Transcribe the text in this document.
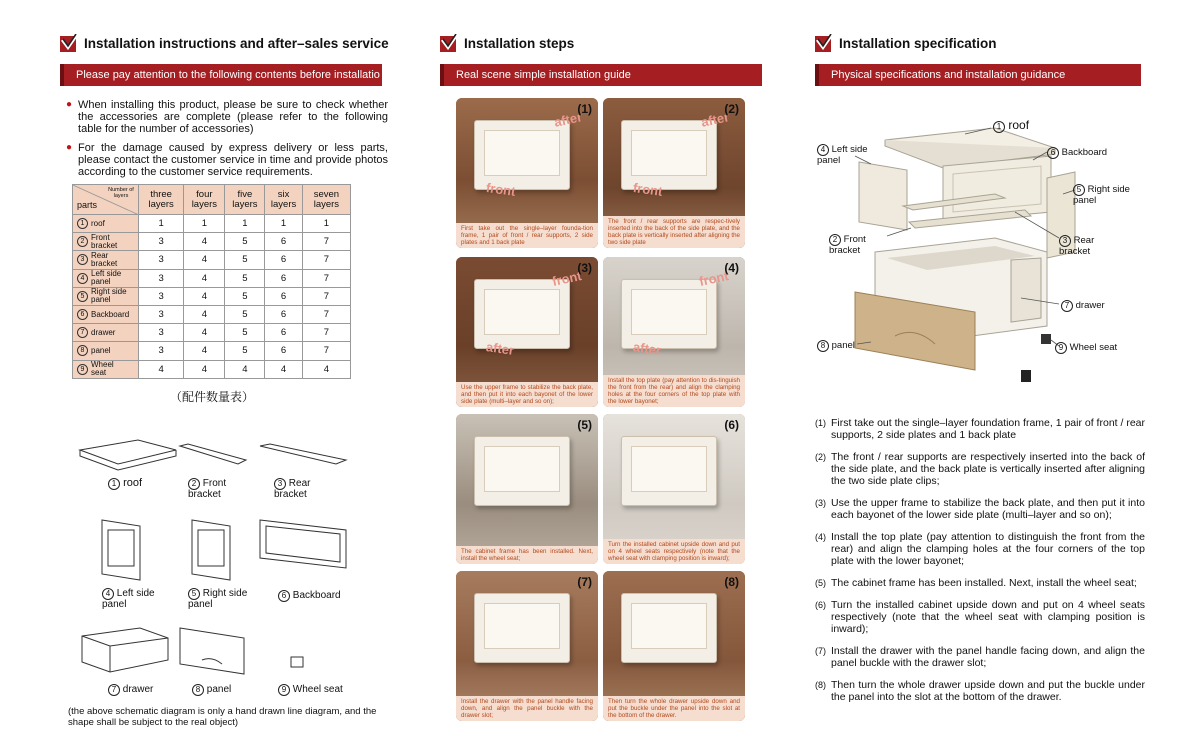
Installation instructions and after–sales service
Please pay attention to the following contents before installatio
● When installing this product, please be sure to check whether the accessories are complete (please refer to the following table for the number of accessories)
● For the damage caused by express delivery or less parts, please contact the customer service in time and provide photos according to the customer service requirements.
Number of layers
parts	three layers	four layers	five layers	six layers	seven layers
1 roof	1	1	1	1	1
2 Front bracket	3	4	5	6	7
3 Rear bracket	3	4	5	6	7
4 Left side panel	3	4	5	6	7
5 Right side panel	3	4	5	6	7
6 Backboard	3	4	5	6	7
7 drawer	3	4	5	6	7
8 panel	3	4	5	6	7
9 Wheel seat	4	4	4	4	4
（配件数量表）
1 roof	2 Front bracket
3 Rear bracket
4 Left side panel
5 Right side panel
6 Backboard
7 drawer	8 panel	9 Wheel seat
(the above schematic diagram is only a hand drawn line diagram, and the shape shall be subject to the real object)
Installation steps
Real scene simple installation guide
after
front
(1)
First take out the single–layer founda-tion frame, 1 pair of front / rear supports, 2 side plates and 1 back plate
after
front
(2)
The front / rear supports are respec-tively inserted into the back of the side plate, and the back plate is vertically inserted after aligning the two side plate
front
after
(3)
Use the upper frame to stabilize the back plate, and then put it into each bayonet of the lower side plate (multi–layer and so on);
front
after
(4)
Install the top plate (pay attention to dis-tinguish the front from the rear) and align the clamping holes at the four corners of the top plate with the lower bayonet;
(5)
The cabinet frame has been installed. Next, install the wheel seat;
(6)
Turn the installed cabinet upside down and put on 4 wheel seats respectively (note that the wheel seat with clamping position is inward);
(7)
Install the drawer with the panel handle facing down, and align the panel buckle with the drawer slot;
(8)
Then turn the whole drawer upside down and put the buckle under the panel into the slot at the bottom of the drawer.
Installation specification
Physical specifications and installation guidance
1 roof
4 Left side panel
6 Backboard
5 Right side panel
2 Front bracket
3 Rear bracket
7 drawer
8 panel	9 Wheel seat
(1) First take out the single–layer foundation frame, 1 pair of front / rear supports, 2 side plates and 1 back plate
(2) The front / rear supports are respectively inserted into the back of the side plate, and the back plate is vertically inserted after aligning the two side plate clips;
(3) Use the upper frame to stabilize the back plate, and then put it into each bayonet of the lower side plate (multi–layer and so on);
(4) Install the top plate (pay attention to distinguish the front from the rear) and align the clamping holes at the four corners of the top plate with the lower bayonet;
(5) The cabinet frame has been installed. Next, install the wheel seat;
(6) Turn the installed cabinet upside down and put on 4 wheel seats respectively (note that the wheel seat with clamping position is inward);
(7) Install the drawer with the panel handle facing down, and align the panel buckle with the drawer slot;
(8) Then turn the whole drawer upside down and put the buckle under the panel into the slot at the bottom of the drawer.
